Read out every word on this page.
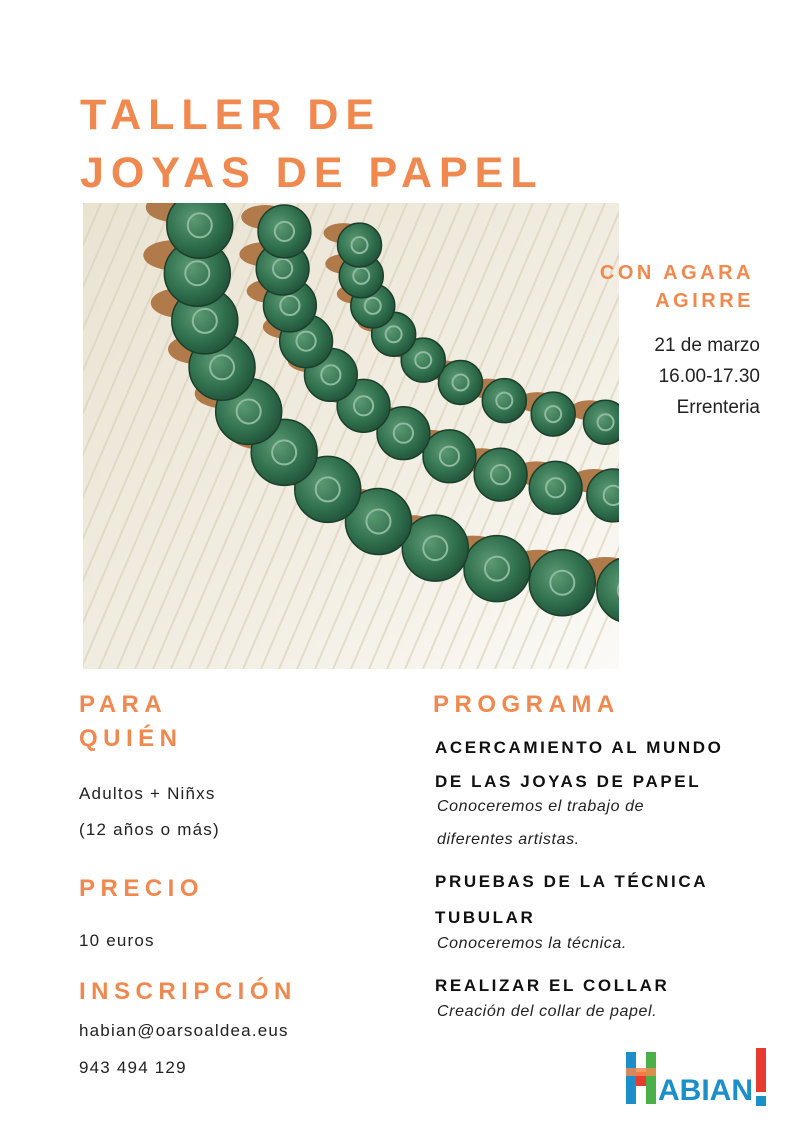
TALLER DE
JOYAS DE PAPEL
CON AGARA
AGIRRE
21 de marzo
16.00-17.30
Errenteria
PARA
QUIÉN
Adultos + Niñxs
(12 años o más)
PRECIO
10 euros
INSCRIPCIÓN
habian@oarsoaldea.eus
943 494 129
PROGRAMA
ACERCAMIENTO AL MUNDO
DE LAS JOYAS DE PAPEL
Conoceremos el trabajo de
diferentes artistas.
PRUEBAS DE LA TÉCNICA
TUBULAR
Conoceremos la técnica.
REALIZAR EL COLLAR
Creación del collar de papel.
ABIAN
